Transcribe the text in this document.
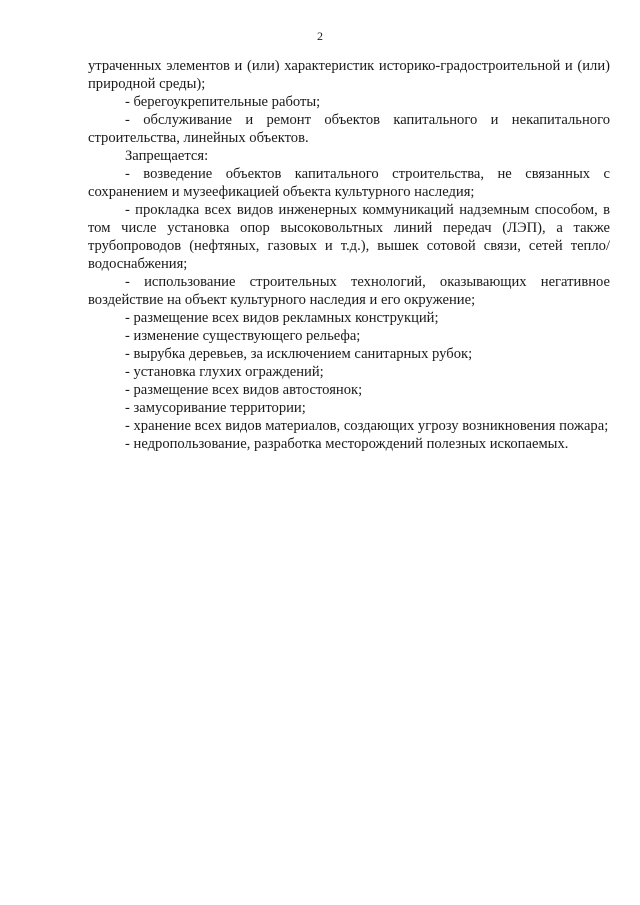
2

утраченных элементов и (или) характеристик историко-градостроительной и (или) природной среды);

- берегоукрепительные работы;

- обслуживание и ремонт объектов капитального и некапитального строительства, линейных объектов.

Запрещается:

- возведение объектов капитального строительства, не связанных с сохранением и музеефикацией объекта культурного наследия;

- прокладка всех видов инженерных коммуникаций надземным способом, в том числе установка опор высоковольтных линий передач (ЛЭП), а также трубопроводов (нефтяных, газовых и т.д.), вышек сотовой связи, сетей тепло/водоснабжения;

- использование строительных технологий, оказывающих негативное воздействие на объект культурного наследия и его окружение;

- размещение всех видов рекламных конструкций;

- изменение существующего рельефа;

- вырубка деревьев, за исключением санитарных рубок;

- установка глухих ограждений;

- размещение всех видов автостоянок;

- замусоривание территории;

- хранение всех видов материалов, создающих угрозу возникновения пожара;

- недропользование, разработка месторождений полезных ископаемых.
